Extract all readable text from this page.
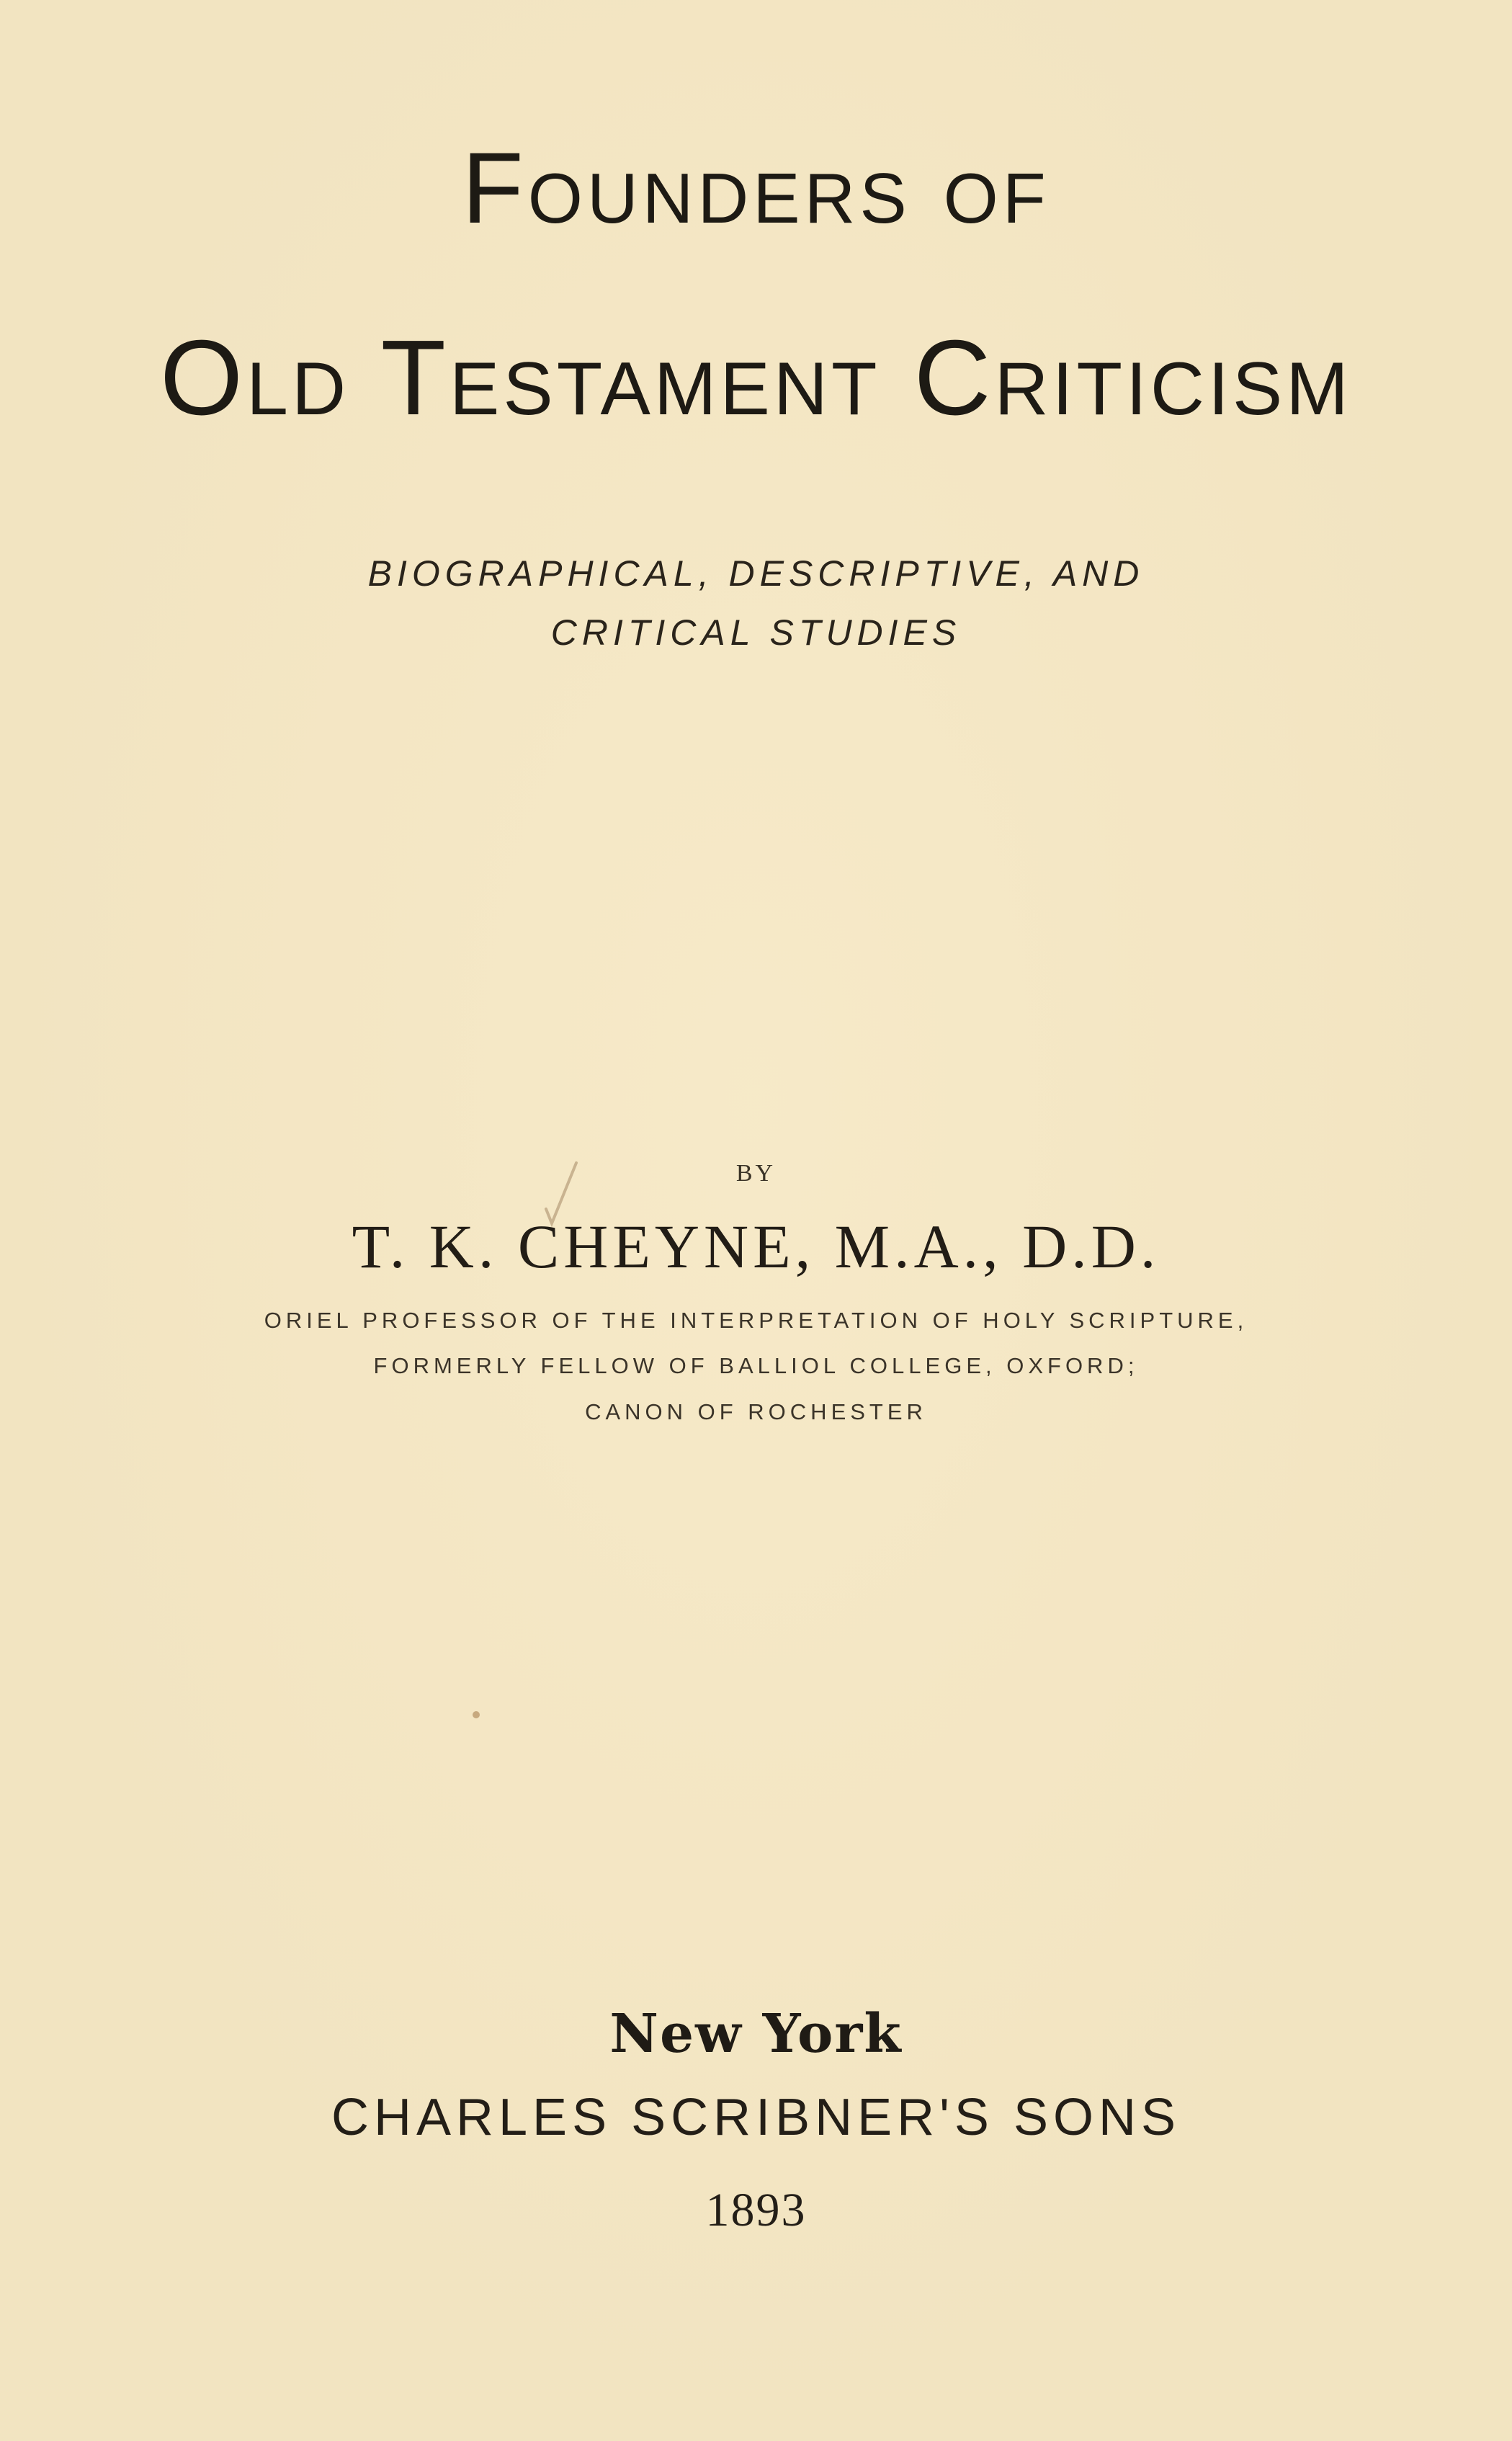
Founders of
Old Testament Criticism
BIOGRAPHICAL, DESCRIPTIVE, AND CRITICAL STUDIES
BY
T. K. CHEYNE, M.A., D.D.
ORIEL PROFESSOR OF THE INTERPRETATION OF HOLY SCRIPTURE,
FORMERLY FELLOW OF BALLIOL COLLEGE, OXFORD;
CANON OF ROCHESTER
New York
CHARLES SCRIBNER'S SONS
1893
